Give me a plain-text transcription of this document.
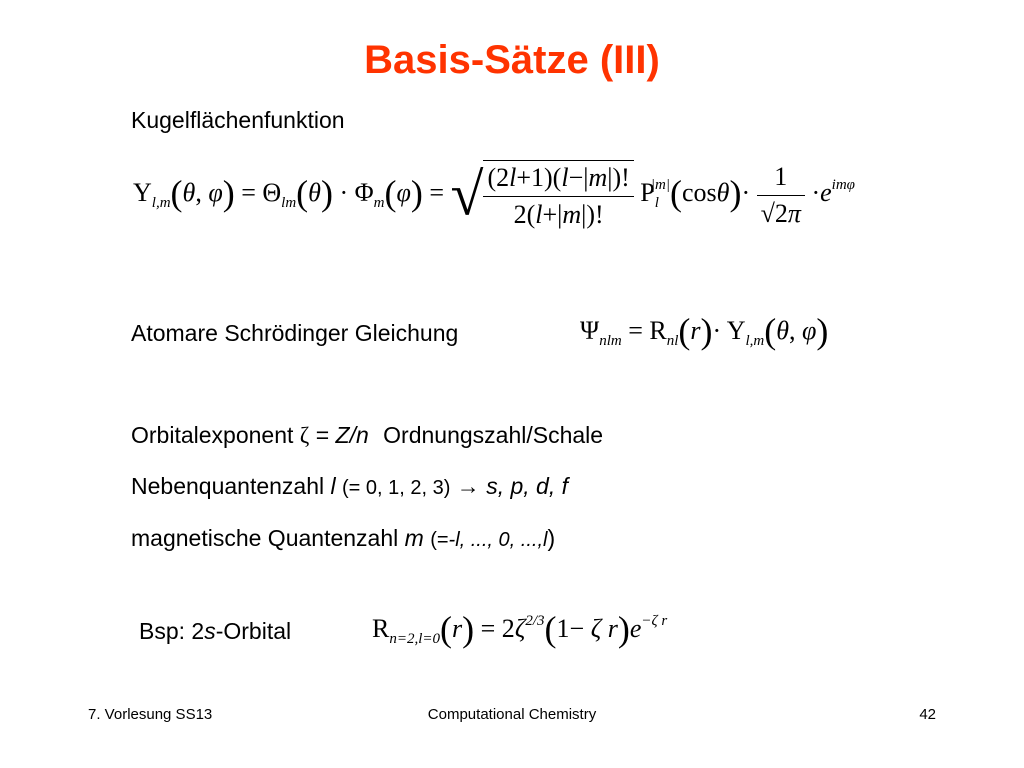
Basis-Sätze (III)
Kugelflächenfunktion
$Y_{l,m}(\theta$, $\varphi) = \Theta_{lm}(\theta) \cdot \Phi_m(\varphi)$ = √ $\frac{(2l+1)(l-|m|)!}{2(l+|m|)!} P_l^{|m|}(\cos\theta)\cdot \frac{1}{√2\pi} \cdot e^{im\varphi}$
Atomare Schrödinger Gleichung	$\Psi_{nlm} = R_{nl}(r)\cdot Y_{l,m}(\theta$, φ)
Orbitalexponent ζ = Z/n Ordnungszahl/Schale
Nebenquantenzahl l (= 0, 1, 2, 3) → s, p, d, f
magnetische Quantenzahl m (=-l, ..., 0, ...,l)
Bsp: 2s-Orbital	$R_{n=2,l=0}(r) = 2\zeta^{2/3}(1- \zeta$ $r)e^{-\zeta r}$
7. Vorlesung SS13	Computational Chemistry	42
